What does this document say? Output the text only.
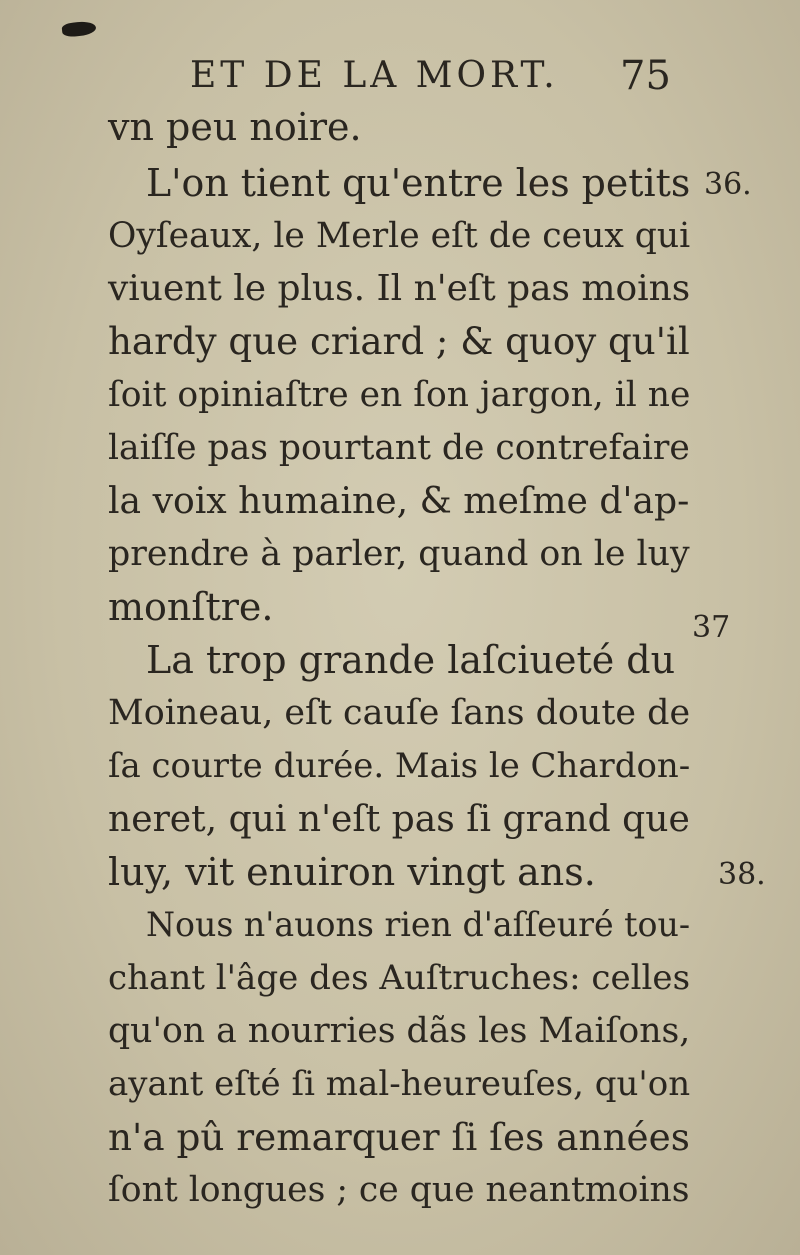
ET DE LA MORT. 75
vn peu noire.
L'on tient qu'entre les petits
Oyſeaux, le Merle eſt de ceux qui
viuent le plus. Il n'eſt pas moins
hardy que criard ; & quoy qu'il
ſoit opiniaſtre en ſon jargon, il ne
laiſſe pas pourtant de contrefaire
la voix humaine, & meſme d'ap-
prendre à parler, quand on le luy
monſtre.
La trop grande laſciueté du
Moineau, eſt cauſe ſans doute de
ſa courte durée. Mais le Chardon-
neret, qui n'eſt pas ſi grand que
luy, vit enuiron vingt ans.
Nous n'auons rien d'aſſeuré tou-
chant l'âge des Auſtruches: celles
qu'on a nourries dãs les Maiſons,
ayant eſté ſi mal-heureuſes, qu'on
n'a pû remarquer ſi ſes années
ſont longues ; ce que neantmoins
36.
37
38.
